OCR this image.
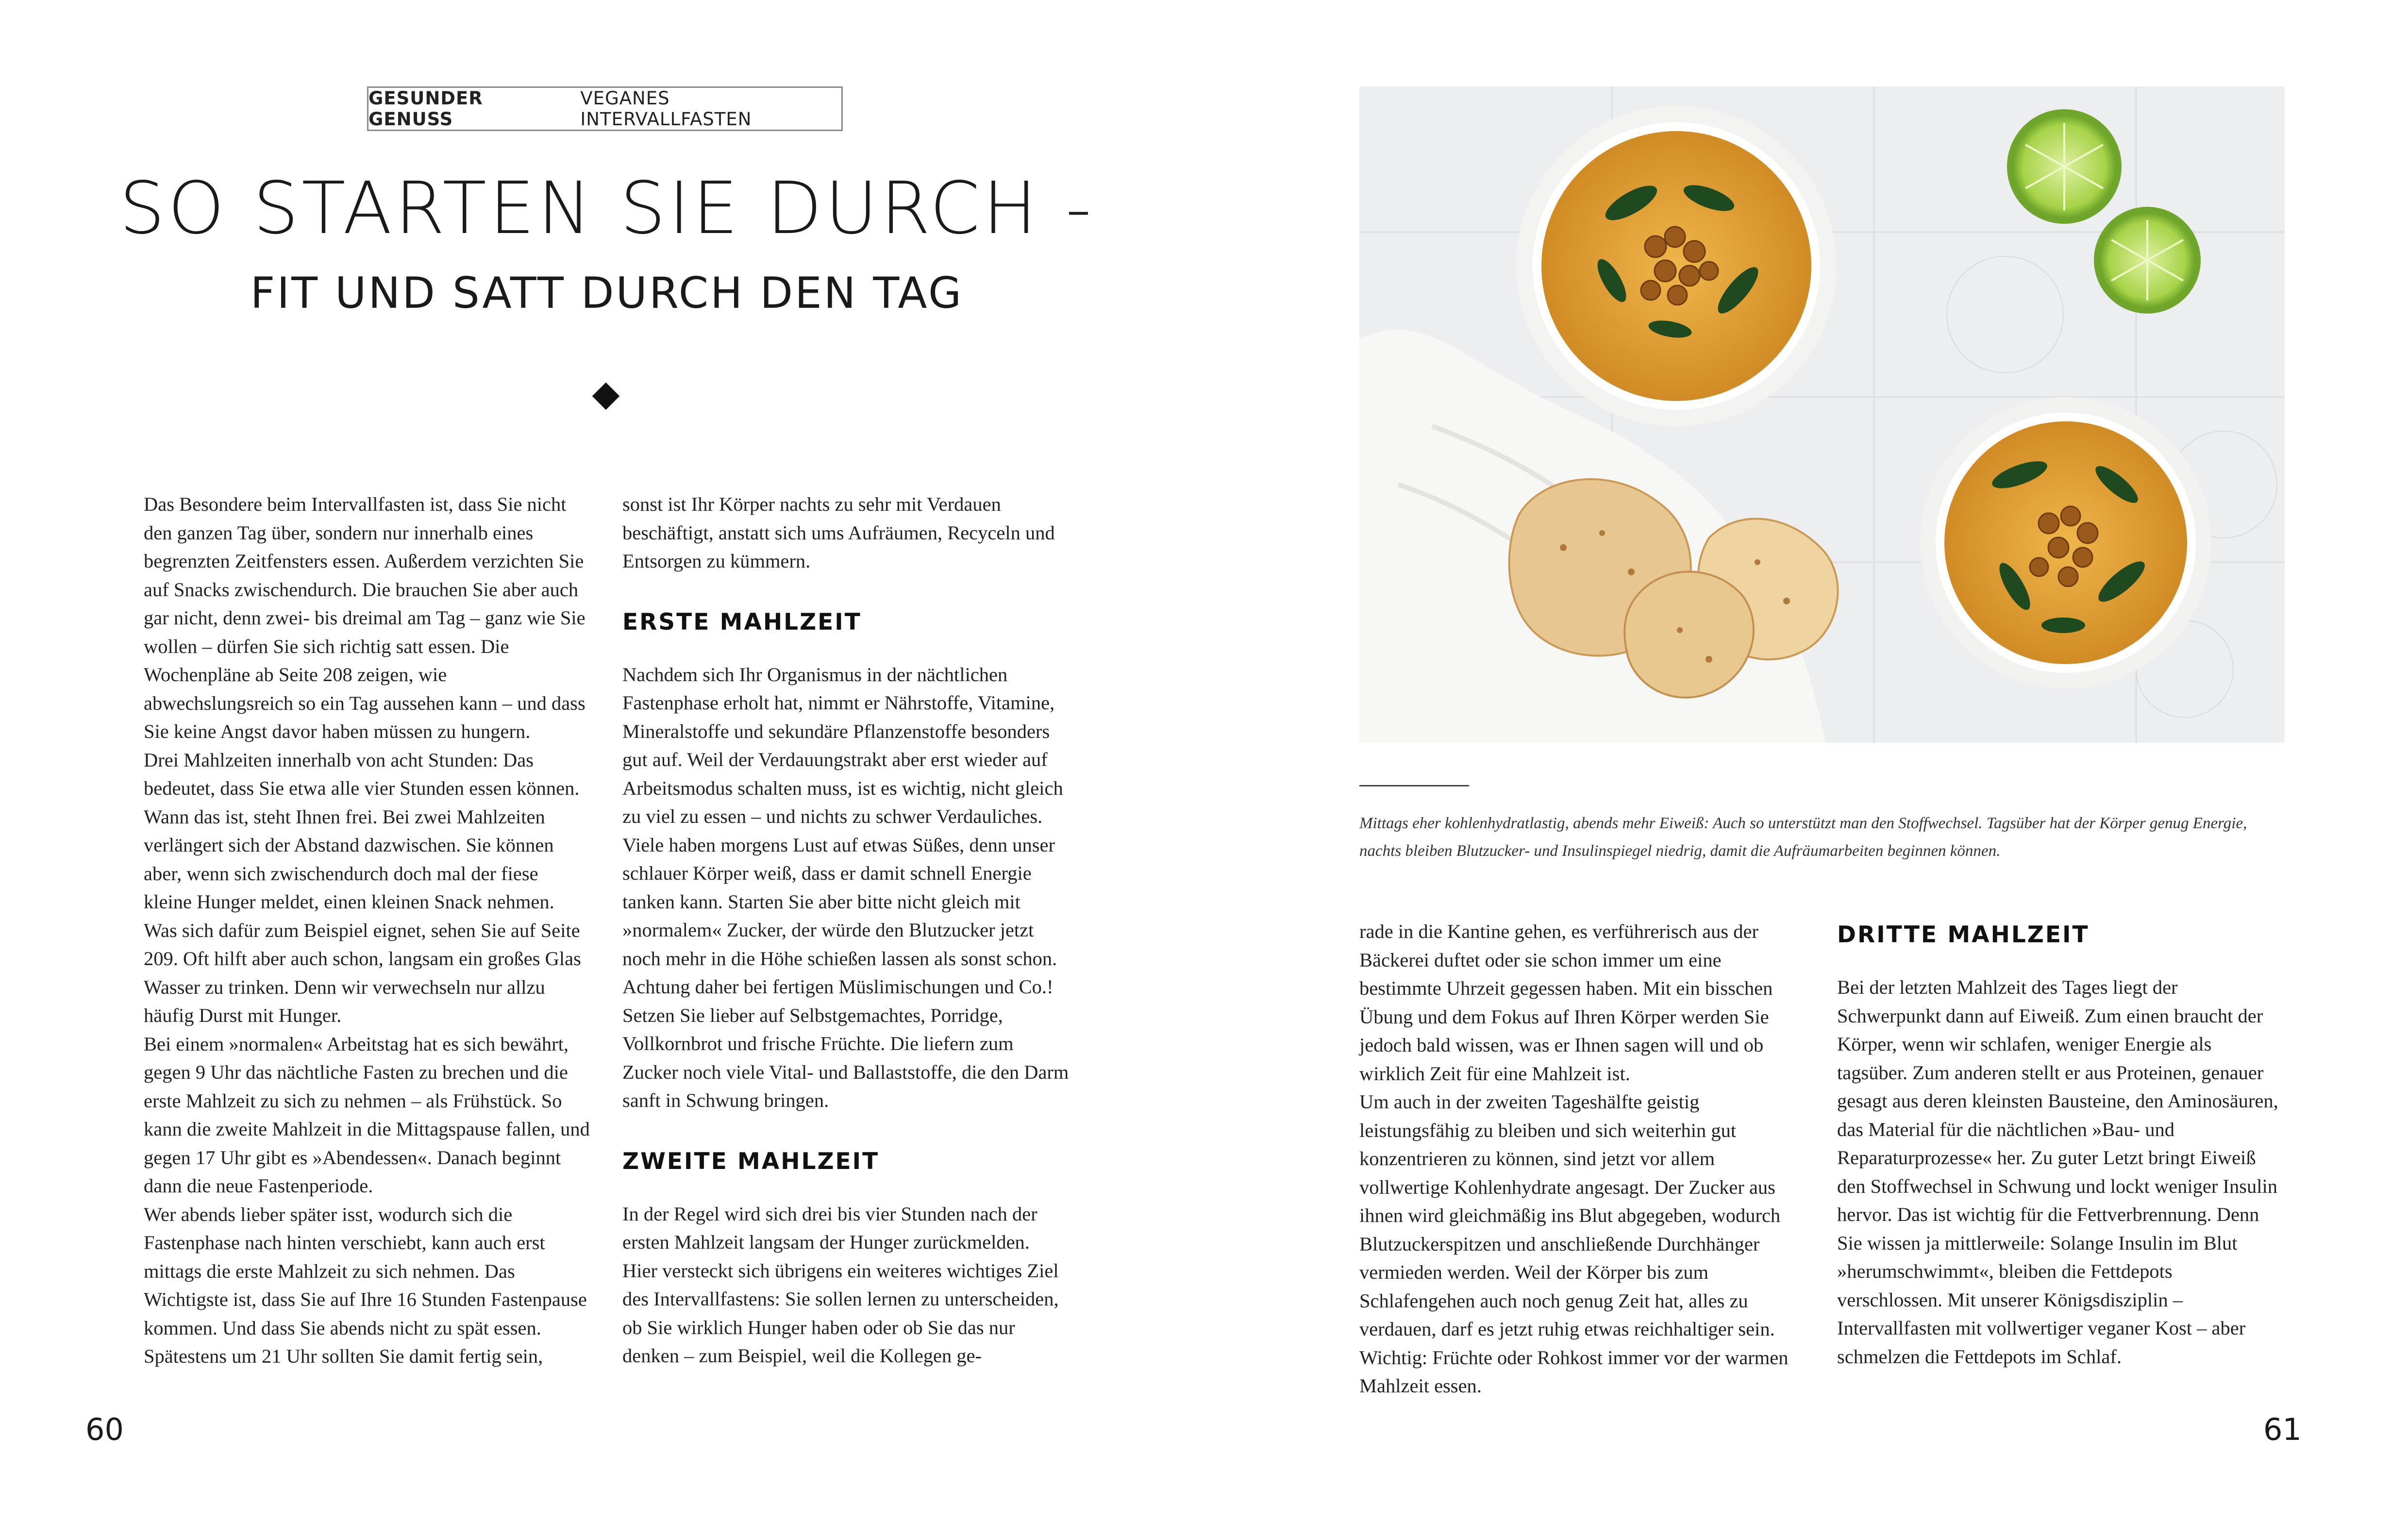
GESUNDER GENUSS
VEGANES INTERVALLFASTEN
SO STARTEN SIE DURCH -
FIT UND SATT DURCH DEN TAG

Das Besondere beim Intervallfasten ist, dass Sie nicht den ganzen Tag über, sondern nur innerhalb eines begrenzten Zeitfensters essen. Außerdem verzichten Sie auf Snacks zwischendurch. Die brauchen Sie aber auch gar nicht, denn zwei- bis dreimal am Tag – ganz wie Sie wollen – dürfen Sie sich richtig satt essen. Die Wochenpläne ab Seite 208 zeigen, wie abwechslungsreich so ein Tag aussehen kann – und dass Sie keine Angst davor haben müssen zu hungern.

Drei Mahlzeiten innerhalb von acht Stunden: Das bedeutet, dass Sie etwa alle vier Stunden essen können. Wann das ist, steht Ihnen frei. Bei zwei Mahlzeiten verlängert sich der Abstand dazwischen. Sie können aber, wenn sich zwischendurch doch mal der fiese kleine Hunger meldet, einen kleinen Snack nehmen. Was sich dafür zum Beispiel eignet, sehen Sie auf Seite 209. Oft hilft aber auch schon, langsam ein großes Glas Wasser zu trinken. Denn wir verwechseln nur allzu häufig Durst mit Hunger.

Bei einem »normalen« Arbeitstag hat es sich bewährt, gegen 9 Uhr das nächtliche Fasten zu brechen und die erste Mahlzeit zu sich zu nehmen – als Frühstück. So kann die zweite Mahlzeit in die Mittagspause fallen, und gegen 17 Uhr gibt es »Abendessen«. Danach beginnt dann die neue Fastenperiode.

Wer abends lieber später isst, wodurch sich die Fastenphase nach hinten verschiebt, kann auch erst mittags die erste Mahlzeit zu sich nehmen. Das Wichtigste ist, dass Sie auf Ihre 16 Stunden Fastenpause kommen. Und dass Sie abends nicht zu spät essen. Spätestens um 21 Uhr sollten Sie damit fertig sein,

sonst ist Ihr Körper nachts zu sehr mit Verdauen beschäftigt, anstatt sich ums Aufräumen, Recyceln und Entsorgen zu kümmern.

ERSTE MAHLZEIT

Nachdem sich Ihr Organismus in der nächtlichen Fastenphase erholt hat, nimmt er Nährstoffe, Vitamine, Mineralstoffe und sekundäre Pflanzenstoffe besonders gut auf. Weil der Verdauungstrakt aber erst wieder auf Arbeitsmodus schalten muss, ist es wichtig, nicht gleich zu viel zu essen – und nichts zu schwer Verdauliches. Viele haben morgens Lust auf etwas Süßes, denn unser schlauer Körper weiß, dass er damit schnell Energie tanken kann. Starten Sie aber bitte nicht gleich mit »normalem« Zucker, der würde den Blutzucker jetzt noch mehr in die Höhe schießen lassen als sonst schon. Achtung daher bei fertigen Müslimischungen und Co.! Setzen Sie lieber auf Selbstgemachtes, Porridge, Vollkornbrot und frische Früchte. Die liefern zum Zucker noch viele Vital- und Ballaststoffe, die den Darm sanft in Schwung bringen.

ZWEITE MAHLZEIT

In der Regel wird sich drei bis vier Stunden nach der ersten Mahlzeit langsam der Hunger zurückmelden. Hier versteckt sich übrigens ein weiteres wichtiges Ziel des Intervallfastens: Sie sollen lernen zu unterscheiden, ob Sie wirklich Hunger haben oder ob Sie das nur denken – zum Beispiel, weil die Kollegen ge-

Mittags eher kohlenhydratlastig, abends mehr Eiweiß: Auch so unterstützt man den Stoffwechsel. Tagsüber hat der Körper genug Energie, nachts bleiben Blutzucker- und Insulinspiegel niedrig, damit die Aufräumarbeiten beginnen können.

rade in die Kantine gehen, es verführerisch aus der Bäckerei duftet oder sie schon immer um eine bestimmte Uhrzeit gegessen haben. Mit ein bisschen Übung und dem Fokus auf Ihren Körper werden Sie jedoch bald wissen, was er Ihnen sagen will und ob wirklich Zeit für eine Mahlzeit ist.

Um auch in der zweiten Tageshälfte geistig leistungsfähig zu bleiben und sich weiterhin gut konzentrieren zu können, sind jetzt vor allem vollwertige Kohlenhydrate angesagt. Der Zucker aus ihnen wird gleichmäßig ins Blut abgegeben, wodurch Blutzuckerspitzen und anschließende Durchhänger vermieden werden. Weil der Körper bis zum Schlafengehen auch noch genug Zeit hat, alles zu verdauen, darf es jetzt ruhig etwas reichhaltiger sein. Wichtig: Früchte oder Rohkost immer vor der warmen Mahlzeit essen.

DRITTE MAHLZEIT

Bei der letzten Mahlzeit des Tages liegt der Schwerpunkt dann auf Eiweiß. Zum einen braucht der Körper, wenn wir schlafen, weniger Energie als tagsüber. Zum anderen stellt er aus Proteinen, genauer gesagt aus deren kleinsten Bausteine, den Aminosäuren, das Material für die nächtlichen »Bau- und Reparaturprozesse« her. Zu guter Letzt bringt Eiweiß den Stoffwechsel in Schwung und lockt weniger Insulin hervor. Das ist wichtig für die Fettverbrennung. Denn Sie wissen ja mittlerweile: Solange Insulin im Blut »herumschwimmt«, bleiben die Fettdepots verschlossen. Mit unserer Königsdisziplin – Intervallfasten mit vollwertiger veganer Kost – aber schmelzen die Fettdepots im Schlaf.

60	61
